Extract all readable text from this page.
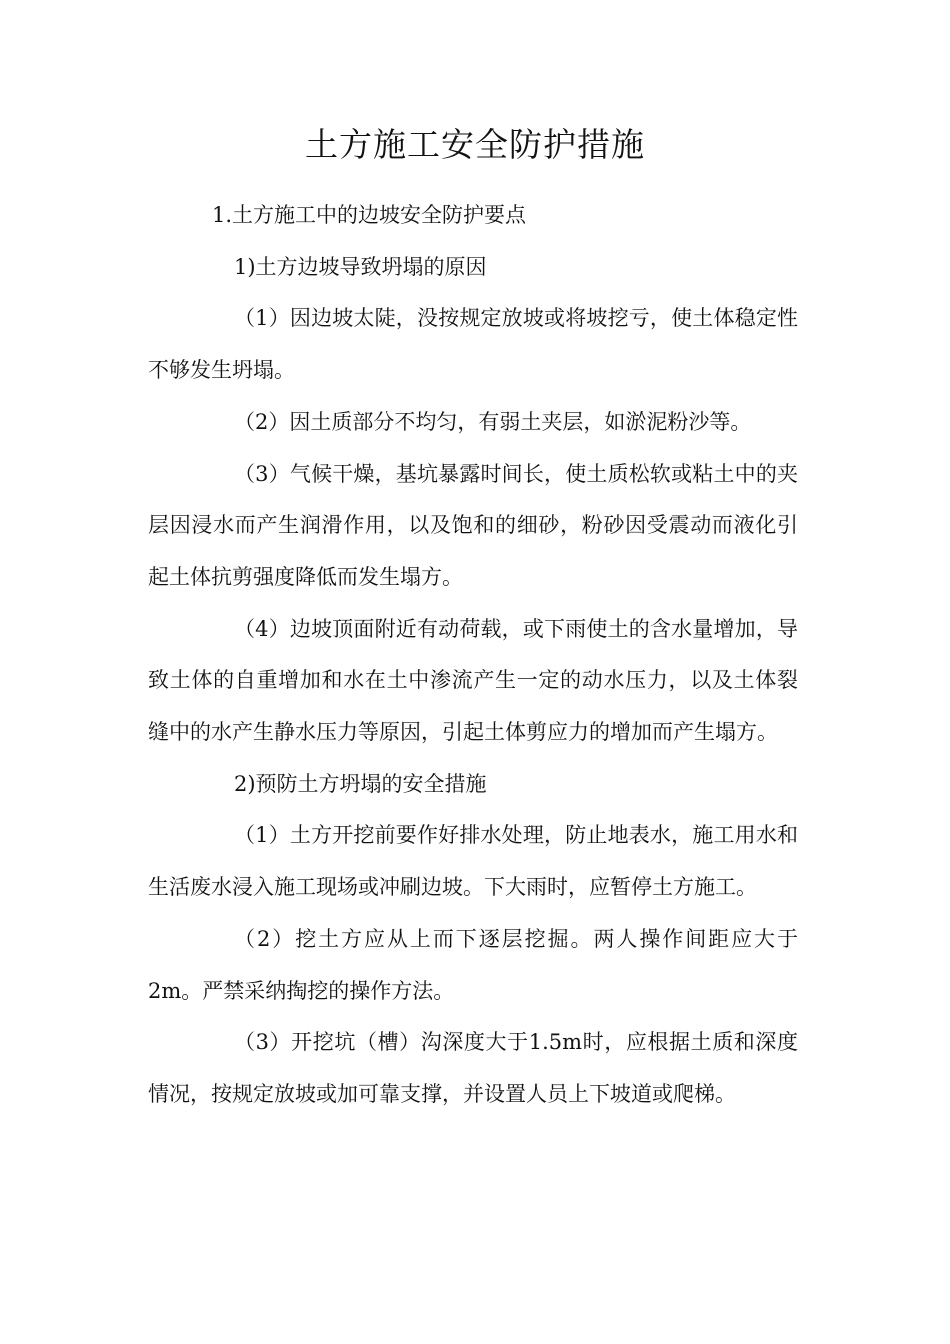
土方施工安全防护措施

1.土方施工中的边坡安全防护要点

1)土方边坡导致坍塌的原因

（1）因边坡太陡，没按规定放坡或将坡挖亏，使土体稳定性不够发生坍塌。

（2）因土质部分不均匀，有弱土夹层，如淤泥粉沙等。

（3）气候干燥，基坑暴露时间长，使土质松软或粘土中的夹层因浸水而产生润滑作用，以及饱和的细砂，粉砂因受震动而液化引起土体抗剪强度降低而发生塌方。

（4）边坡顶面附近有动荷载，或下雨使土的含水量增加，导致土体的自重增加和水在土中渗流产生一定的动水压力，以及土体裂缝中的水产生静水压力等原因，引起土体剪应力的增加而产生塌方。

2)预防土方坍塌的安全措施

（1）土方开挖前要作好排水处理，防止地表水，施工用水和生活废水浸入施工现场或冲刷边坡。下大雨时，应暂停土方施工。

（2）挖土方应从上而下逐层挖掘。两人操作间距应大于2m。严禁采纳掏挖的操作方法。

（3）开挖坑（槽）沟深度大于1.5m时，应根据土质和深度情况，按规定放坡或加可靠支撑，并设置人员上下坡道或爬梯。
